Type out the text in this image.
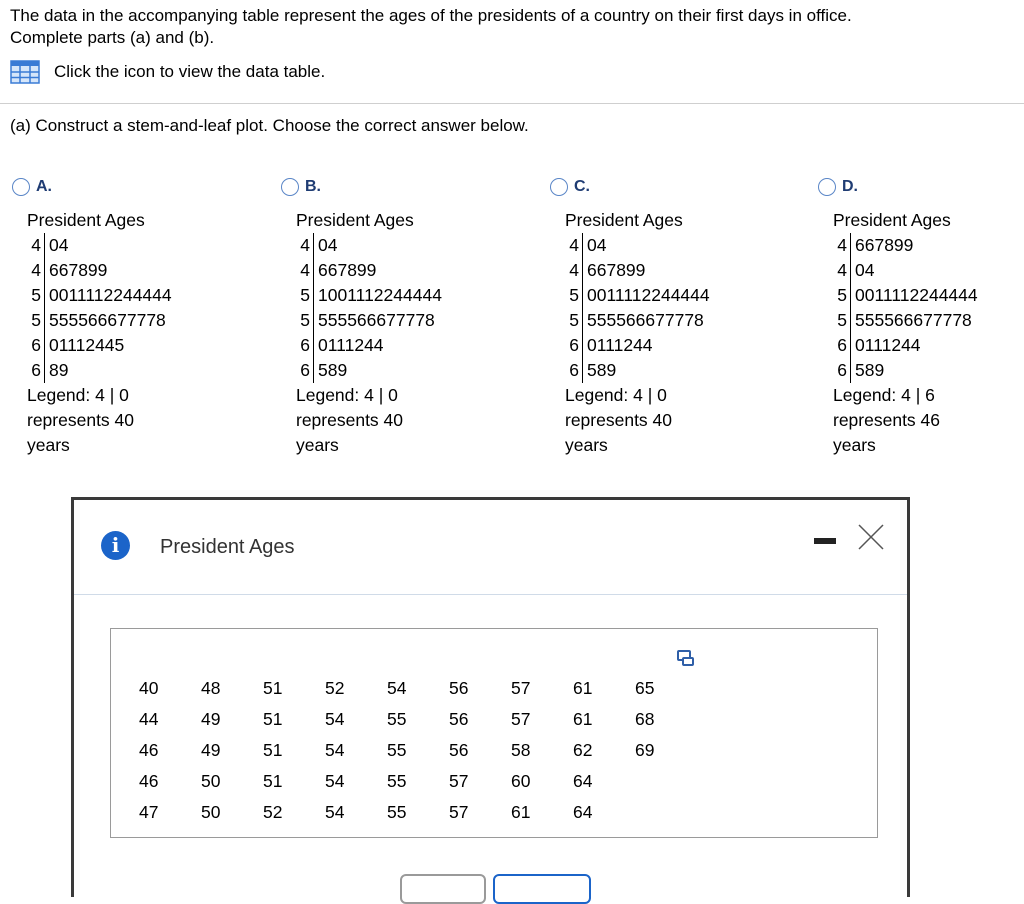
The data in the accompanying table represent the ages of the presidents of a country on their first days in office.
Complete parts (a) and (b).
Click the icon to view the data table.
(a) Construct a stem-and-leaf plot. Choose the correct answer below.
A.
President Ages
4 04
4 667899
5 0011112244444
5 555566677778
6 01112445
6 89
Legend: 4 | 0
represents 40
years
B.
President Ages
4 04
4 667899
5 1001112244444
5 555566677778
6 0111244
6 589
Legend: 4 | 0
represents 40
years
C.
President Ages
4 04
4 667899
5 0011112244444
5 555566677778
6 0111244
6 589
Legend: 4 | 0
represents 40
years
D.
President Ages
4 667899
4 04
5 0011112244444
5 555566677778
6 0111244
6 589
Legend: 4 | 6
represents 46
years
i	President Ages
40	48	51	52	54	56	57	61	65
44	49	51	54	55	56	57	61	68
46	49	51	54	55	56	58	62	69
46	50	51	54	55	57	60	64	
47	50	52	54	55	57	61	64	
